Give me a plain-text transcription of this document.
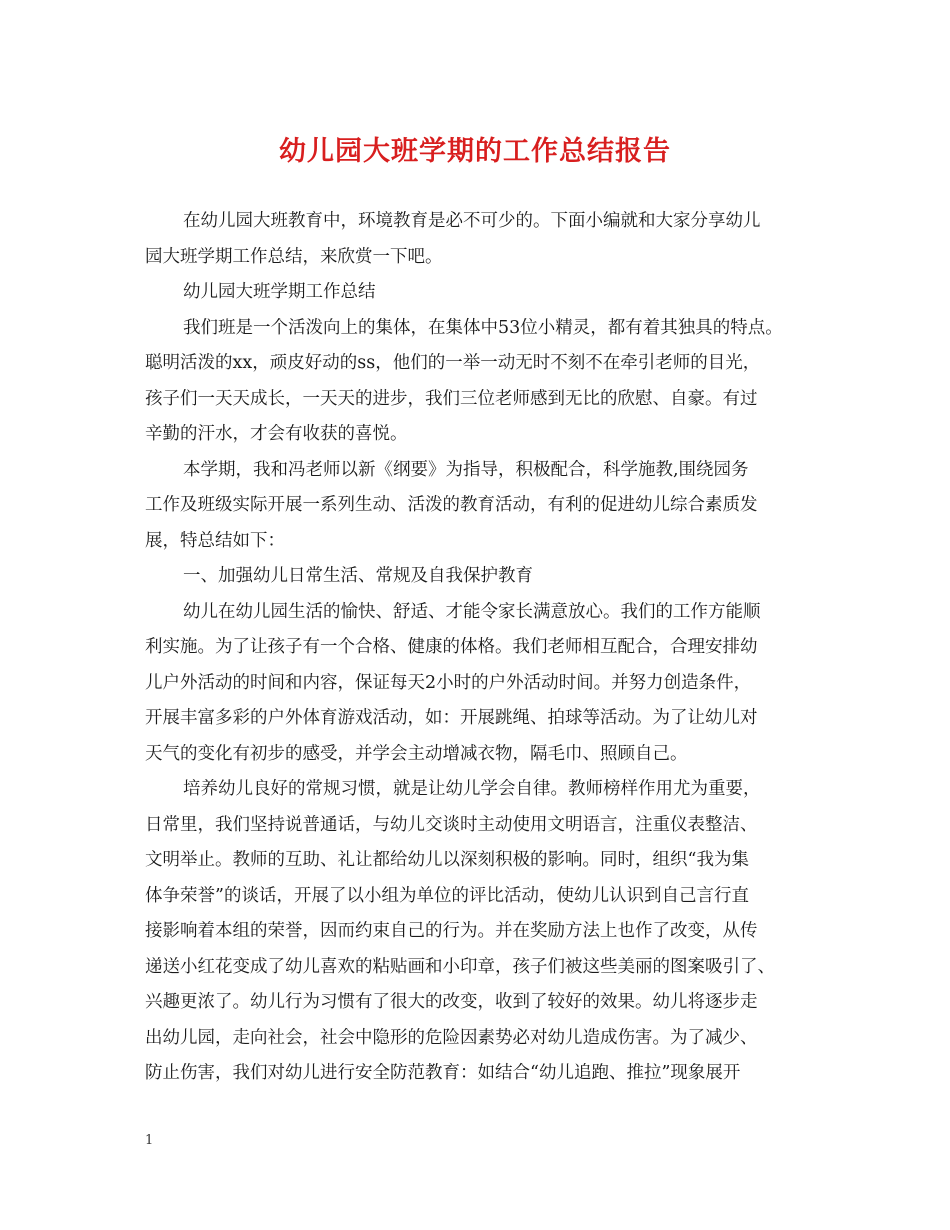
幼儿园大班学期的工作总结报告
在幼儿园大班教育中，环境教育是必不可少的。下面小编就和大家分享幼儿
园大班学期工作总结，来欣赏一下吧。
幼儿园大班学期工作总结
我们班是一个活泼向上的集体，在集体中53位小精灵，都有着其独具的特点。
聪明活泼的xx，顽皮好动的ss，他们的一举一动无时不刻不在牵引老师的目光，
孩子们一天天成长，一天天的进步，我们三位老师感到无比的欣慰、自豪。有过
辛勤的汗水，才会有收获的喜悦。
本学期，我和冯老师以新《纲要》为指导，积极配合，科学施教,围绕园务
工作及班级实际开展一系列生动、活泼的教育活动，有利的促进幼儿综合素质发
展，特总结如下：
一、加强幼儿日常生活、常规及自我保护教育
幼儿在幼儿园生活的愉快、舒适、才能令家长满意放心。我们的工作方能顺
利实施。为了让孩子有一个合格、健康的体格。我们老师相互配合，合理安排幼
儿户外活动的时间和内容，保证每天2小时的户外活动时间。并努力创造条件，
开展丰富多彩的户外体育游戏活动，如：开展跳绳、拍球等活动。为了让幼儿对
天气的变化有初步的感受，并学会主动增减衣物，隔毛巾、照顾自己。
培养幼儿良好的常规习惯，就是让幼儿学会自律。教师榜样作用尤为重要，
日常里，我们坚持说普通话，与幼儿交谈时主动使用文明语言，注重仪表整洁、
文明举止。教师的互助、礼让都给幼儿以深刻积极的影响。同时，组织“我为集
体争荣誉”的谈话，开展了以小组为单位的评比活动，使幼儿认识到自己言行直
接影响着本组的荣誉，因而约束自己的行为。并在奖励方法上也作了改变，从传
递送小红花变成了幼儿喜欢的粘贴画和小印章，孩子们被这些美丽的图案吸引了、
兴趣更浓了。幼儿行为习惯有了很大的改变，收到了较好的效果。幼儿将逐步走
出幼儿园，走向社会，社会中隐形的危险因素势必对幼儿造成伤害。为了减少、
防止伤害，我们对幼儿进行安全防范教育：如结合“幼儿追跑、推拉”现象展开
1
